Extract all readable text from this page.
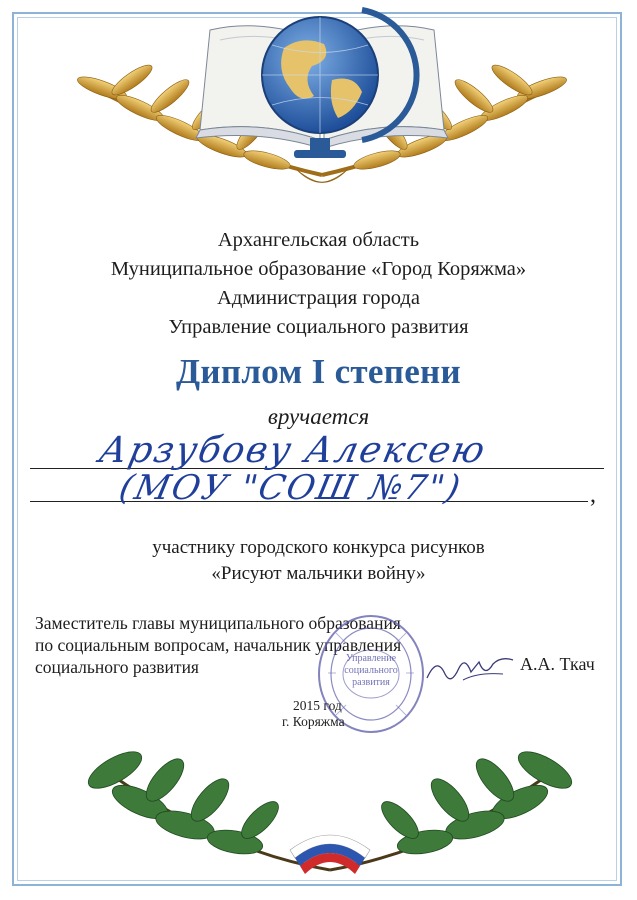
Архангельская область
Муниципальное образование «Город Коряжма»
Администрация города
Управление социального развития
Диплом I степени
вручается
Арзубову Алексею
(МОУ "СОШ №7")	,
участнику городского конкурса рисунков
«Рисуют мальчики войну»
Заместитель главы муниципального образования
по социальным вопросам, начальник управления
социального развития	Управление социального развития
А.А. Ткач
2015 год
г. Коряжма
